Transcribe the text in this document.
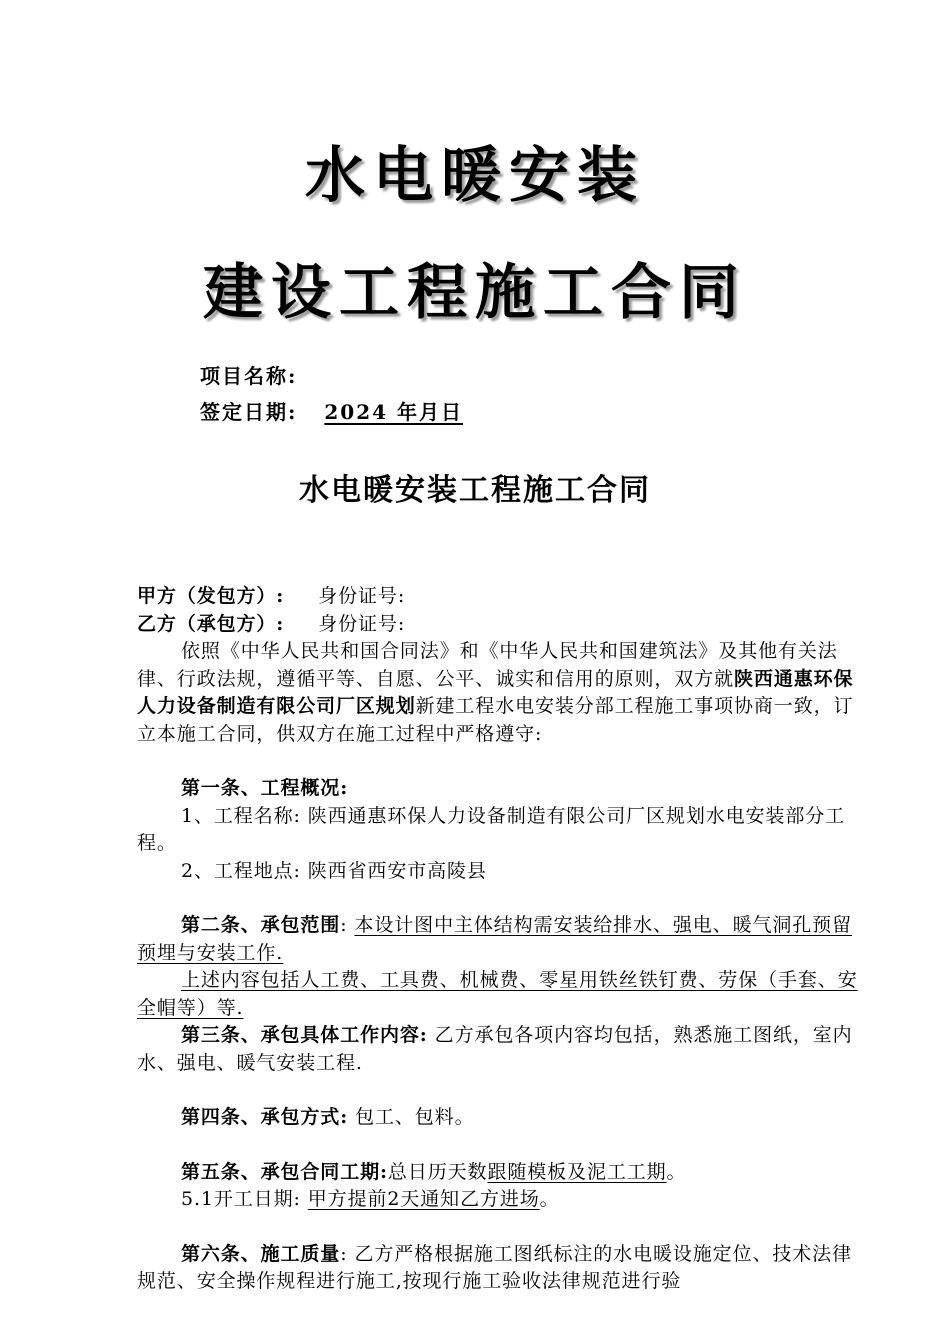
水电暖安装
建设工程施工合同
项目名称:
签定日期: 2024 年月日
水电暖安装工程施工合同

甲方（发包方）: 身份证号:

乙方（承包方）: 身份证号:

依照《中华人民共和国合同法》和《中华人民共和国建筑法》及其他有关法律、行政法规，遵循平等、自愿、公平、诚实和信用的原则，双方就陕西通惠环保人力设备制造有限公司厂区规划新建工程水电安装分部工程施工事项协商一致，订立本施工合同，供双方在施工过程中严格遵守:

第一条、工程概况:

1、工程名称: 陕西通惠环保人力设备制造有限公司厂区规划水电安装部分工程。

2、工程地点: 陕西省西安市高陵县

第二条、承包范围: 本设计图中主体结构需安装给排水、强电、暖气洞孔预留预埋与安装工作.

上述内容包括人工费、工具费、机械费、零星用铁丝铁钉费、劳保（手套、安全帽等）等.

第三条、承包具体工作内容: 乙方承包各项内容均包括，熟悉施工图纸，室内水、强电、暖气安装工程.

第四条、承包方式: 包工、包料。

第五条、承包合同工期:总日历天数跟随模板及泥工工期。

5.1开工日期: 甲方提前2天通知乙方进场。

第六条、施工质量: 乙方严格根据施工图纸标注的水电暖设施定位、技术法律规范、安全操作规程进行施工,按现行施工验收法律规范进行验
